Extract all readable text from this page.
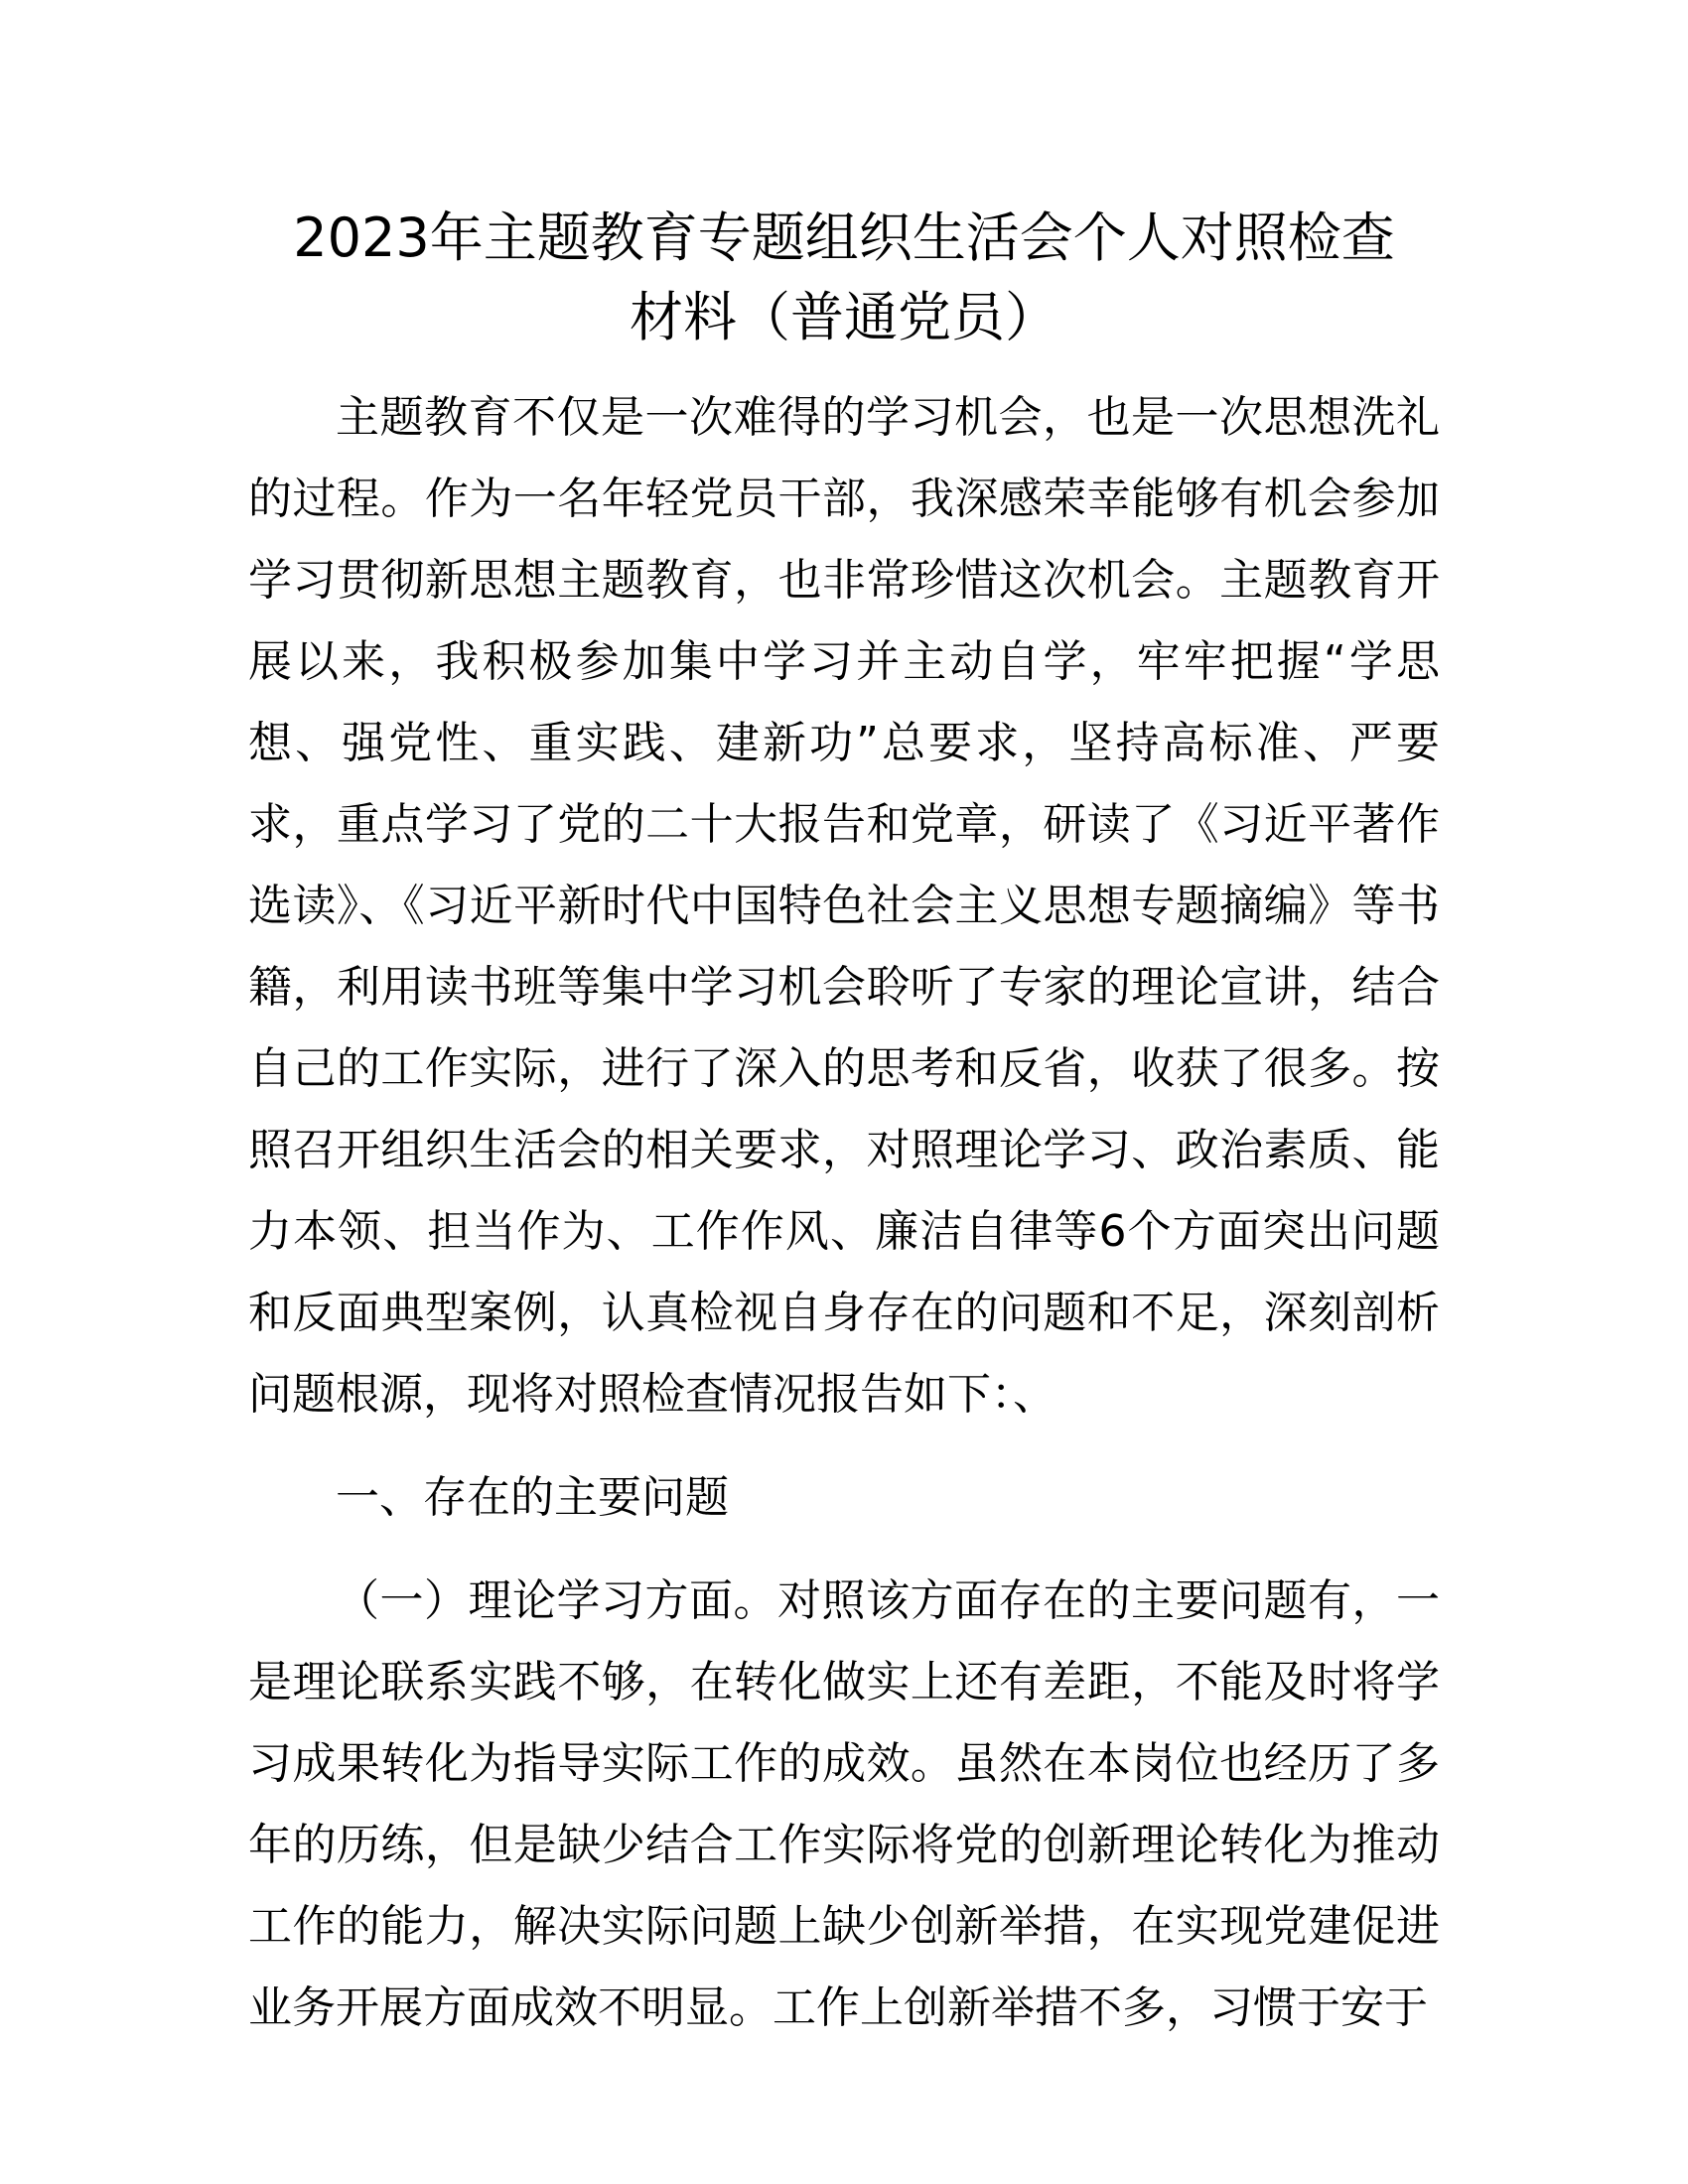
2023年主题教育专题组织生活会个人对照检查
材料（普通党员）

主题教育不仅是一次难得的学习机会，也是一次思想洗礼的过程。作为一名年轻党员干部，我深感荣幸能够有机会参加学习贯彻新思想主题教育，也非常珍惜这次机会。主题教育开展以来，我积极参加集中学习并主动自学，牢牢把握“学思想、强党性、重实践、建新功”总要求，坚持高标准、严要求，重点学习了党的二十大报告和党章，研读了《习近平著作选读》、《习近平新时代中国特色社会主义思想专题摘编》等书籍，利用读书班等集中学习机会聆听了专家的理论宣讲，结合自己的工作实际，进行了深入的思考和反省，收获了很多。按照召开组织生活会的相关要求，对照理论学习、政治素质、能力本领、担当作为、工作作风、廉洁自律等6个方面突出问题和反面典型案例，认真检视自身存在的问题和不足，深刻剖析问题根源，现将对照检查情况报告如下：、

一、存在的主要问题

（一）理论学习方面。对照该方面存在的主要问题有，一是理论联系实践不够，在转化做实上还有差距，不能及时将学习成果转化为指导实际工作的成效。虽然在本岗位也经历了多年的历练，但是缺少结合工作实际将党的创新理论转化为推动工作的能力，解决实际问题上缺少创新举措，在实现党建促进业务开展方面成效不明显。工作上创新举措不多，习惯于安于
